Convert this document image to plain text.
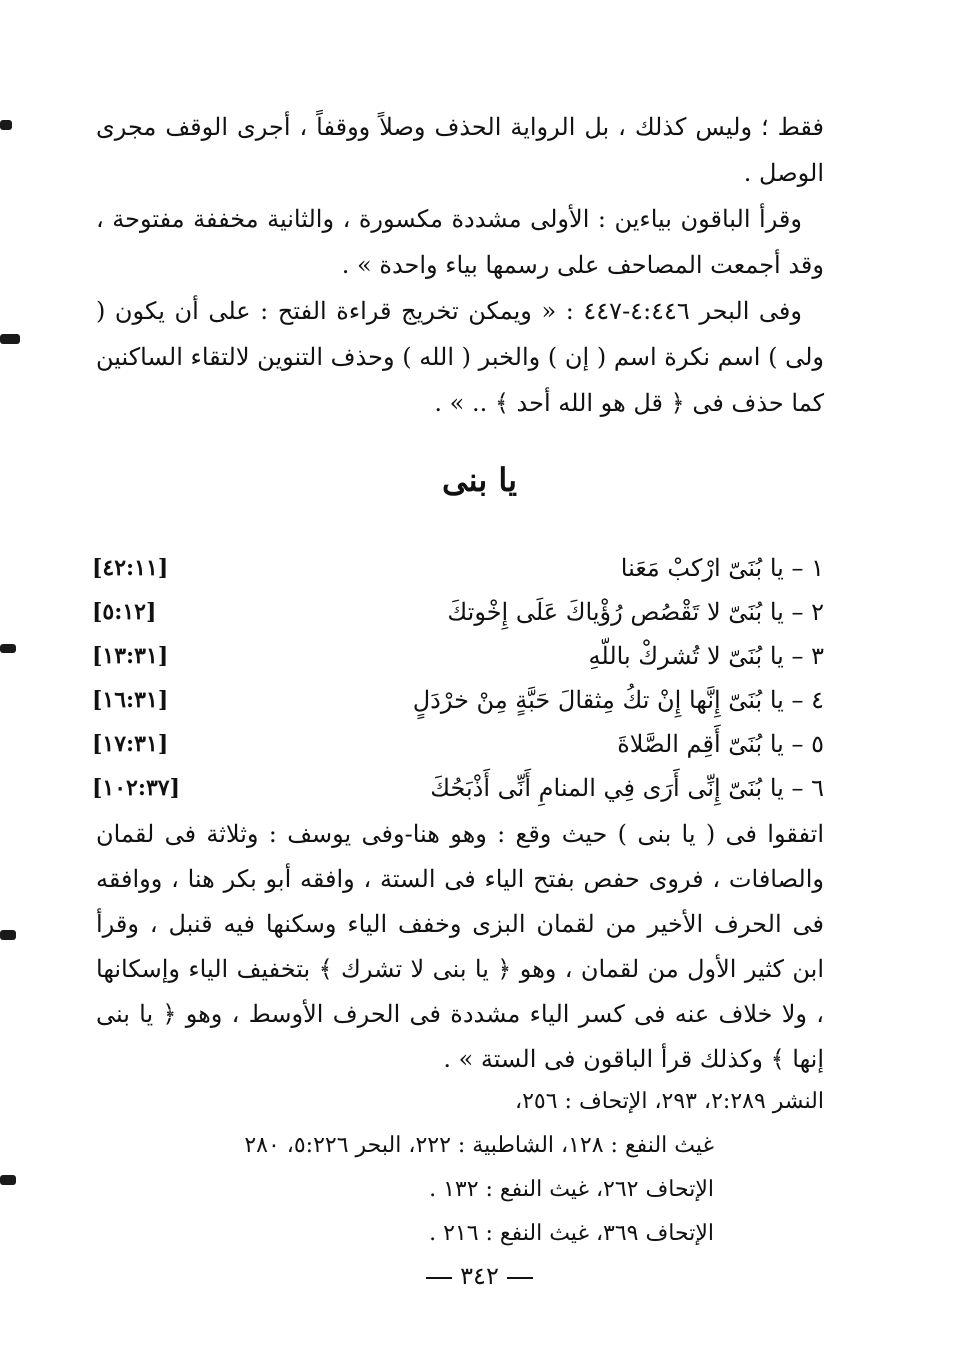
فقط ؛ وليس كذلك ، بل الرواية الحذف وصلاً ووقفاً ، أجرى الوقف مجرى الوصل .

وقرأ الباقون بياءين : الأولى مشددة مكسورة ، والثانية مخففة مفتوحة ، وقد أجمعت المصاحف على رسمها بياء واحدة » .

وفى البحر ٤:٤٤٦-٤٤٧ : « ويمكن تخريج قراءة الفتح : على أن يكون ( ولى ) اسم نكرة اسم ( إن ) والخبر ( الله ) وحذف التنوين لالتقاء الساكنين كما حذف فى ﴿ قل هو الله أحد ﴾ .. » .

يا بنى
١ – يا بُنَىّ ارْكبْ مَعَنا
[٤٢:١١]
٢ – يا بُنَىّ لا تَقْصُص رُؤْياكَ عَلَى إِخْوتكَ
[٥:١٢]
٣ – يا بُنَىّ لا تُشركْ باللّهِ
[١٣:٣١]
٤ – يا بُنَىّ إِنَّها إِنْ تكُ مِثقالَ حَبَّةٍ مِنْ خرْدَلٍ
[١٦:٣١]
٥ – يا بُنَىّ أَقِم الصَّلاةَ
[١٧:٣١]
٦ – يا بُنَىّ إِنِّى أَرَى فِي المنامِ أَنِّى أَذْبَحُكَ
[١٠٢:٣٧]

اتفقوا فى ( يا بنى ) حيث وقع : وهو هنا-وفى يوسف : وثلاثة فى لقمان والصافات ، فروى حفص بفتح الياء فى الستة ، وافقه أبو بكر هنا ، ووافقه فى الحرف الأخير من لقمان البزى وخفف الياء وسكنها فيه قنبل ، وقرأ ابن كثير الأول من لقمان ، وهو ﴿ يا بنى لا تشرك ﴾ بتخفيف الياء وإسكانها ، ولا خلاف عنه فى كسر الياء مشددة فى الحرف الأوسط ، وهو ﴿ يا بنى إنها ﴾ وكذلك قرأ الباقون فى الستة » .

النشر ٢:٢٨٩، ٢٩٣، الإتحاف : ٢٥٦،
غيث النفع : ١٢٨، الشاطبية : ٢٢٢، البحر ٥:٢٢٦، ٢٨٠
الإتحاف ٢٦٢، غيث النفع : ١٣٢ .
الإتحاف ٣٦٩، غيث النفع : ٢١٦ .
٣٤٢
